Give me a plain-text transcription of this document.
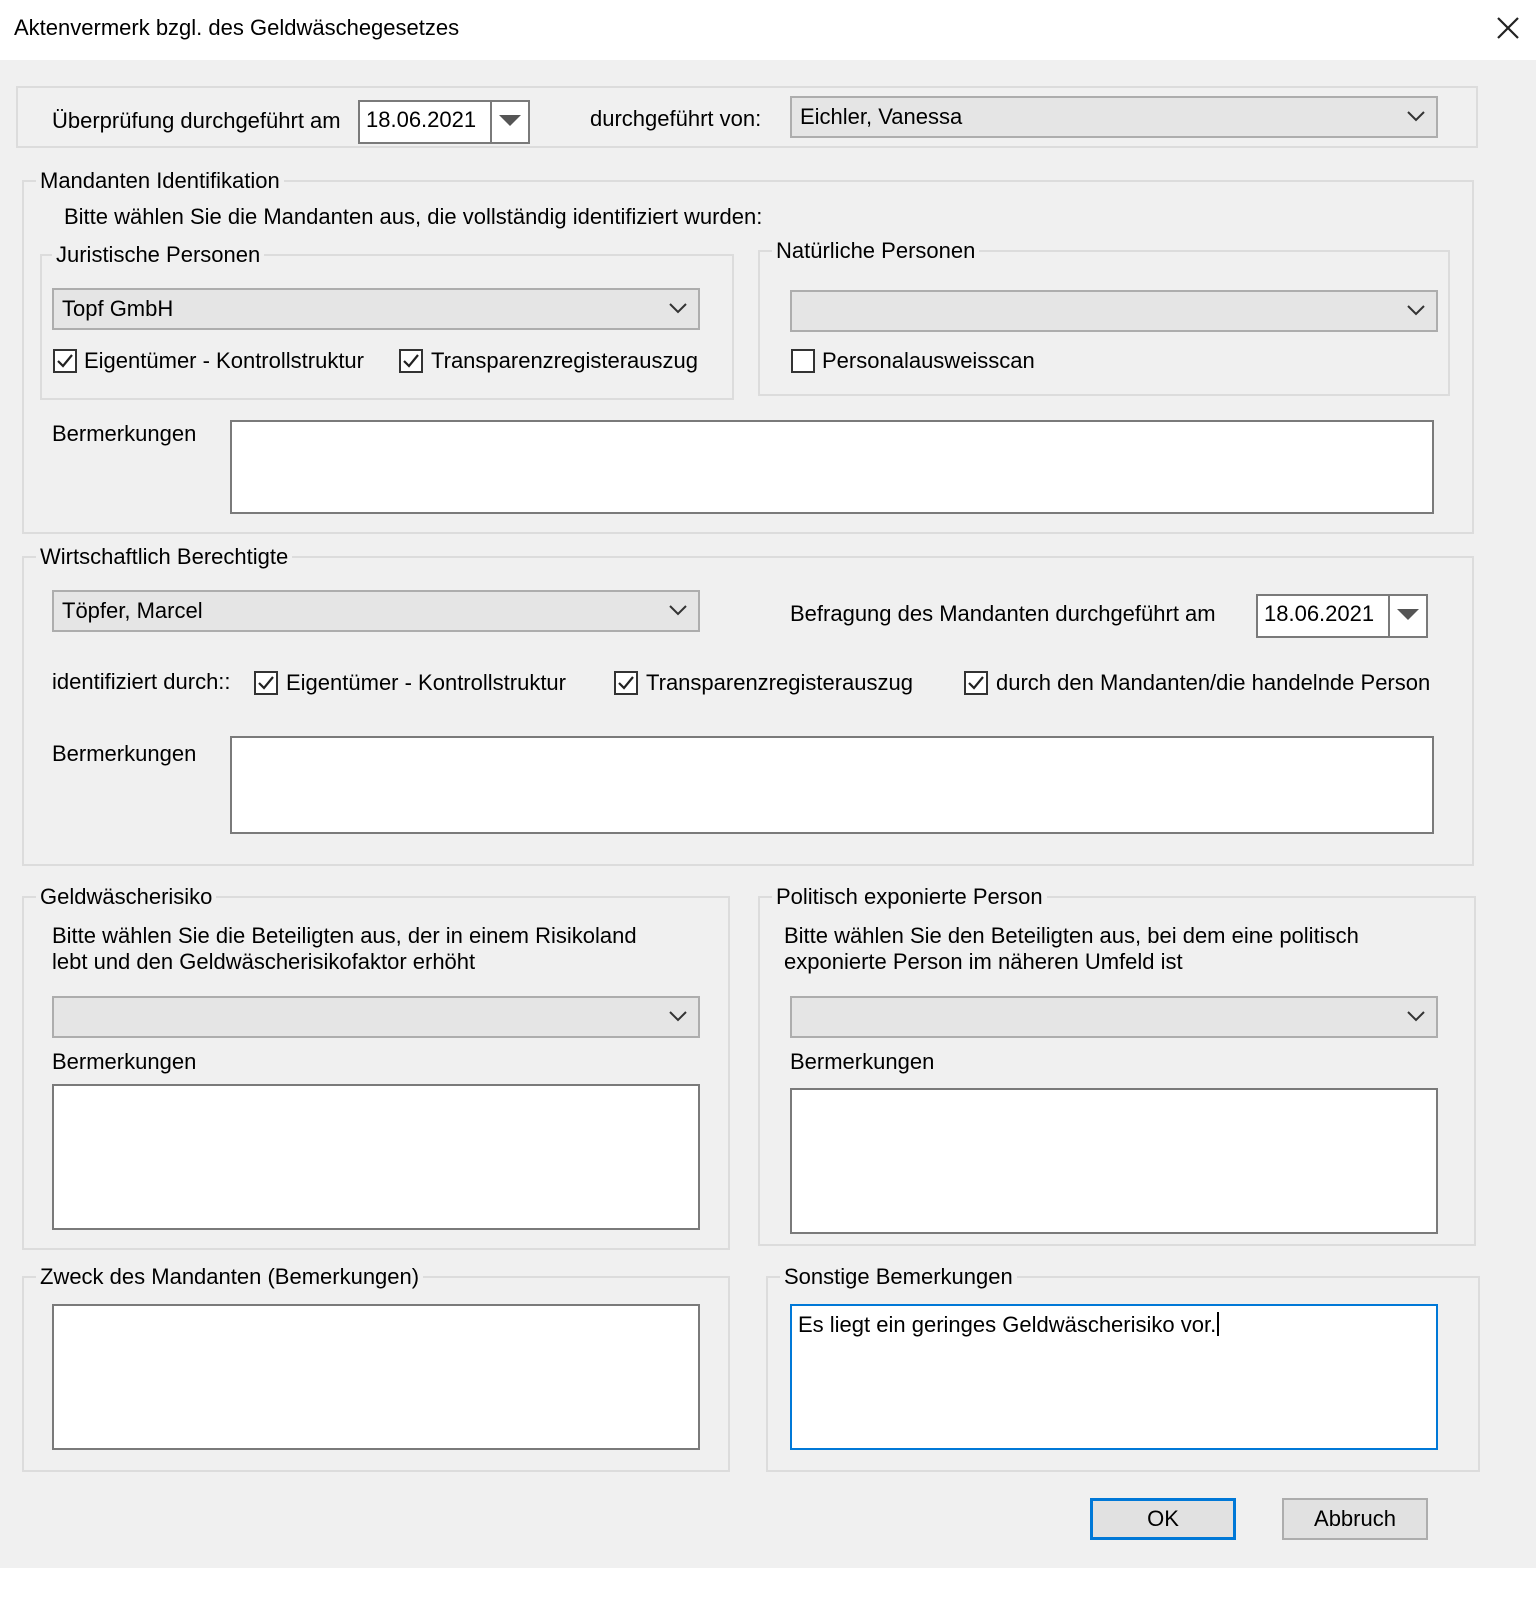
Aktenvermerk bzgl. des Geldwäschegesetzes
Überprüfung durchgeführt am 18.06.2021	durchgeführt von: Eichler, Vanessa
Mandanten Identifikation
Bitte wählen Sie die Mandanten aus, die vollständig identifiziert wurden:
Juristische Personen
Topf GmbH
Eigentümer - Kontrollstruktur	Transparenzregisterauszug
Natürliche Personen
Personalausweisscan
Bermerkungen
Wirtschaftlich Berechtigte
Töpfer, Marcel	Befragung des Mandanten durchgeführt am 18.06.2021
identifiziert durch::	Eigentümer - Kontrollstruktur	Transparenzregisterauszug	durch den Mandanten/die handelnde Person
Bermerkungen
Geldwäscherisiko
Bitte wählen Sie die Beteiligten aus, der in einem Risikoland
lebt und den Geldwäscherisikofaktor erhöht
Bermerkungen
Politisch exponierte Person
Bitte wählen Sie den Beteiligten aus, bei dem eine politisch
exponierte Person im näheren Umfeld ist
Bermerkungen
Zweck des Mandanten (Bemerkungen)	Sonstige Bemerkungen
Es liegt ein geringes Geldwäscherisiko vor.
OK	Abbruch
